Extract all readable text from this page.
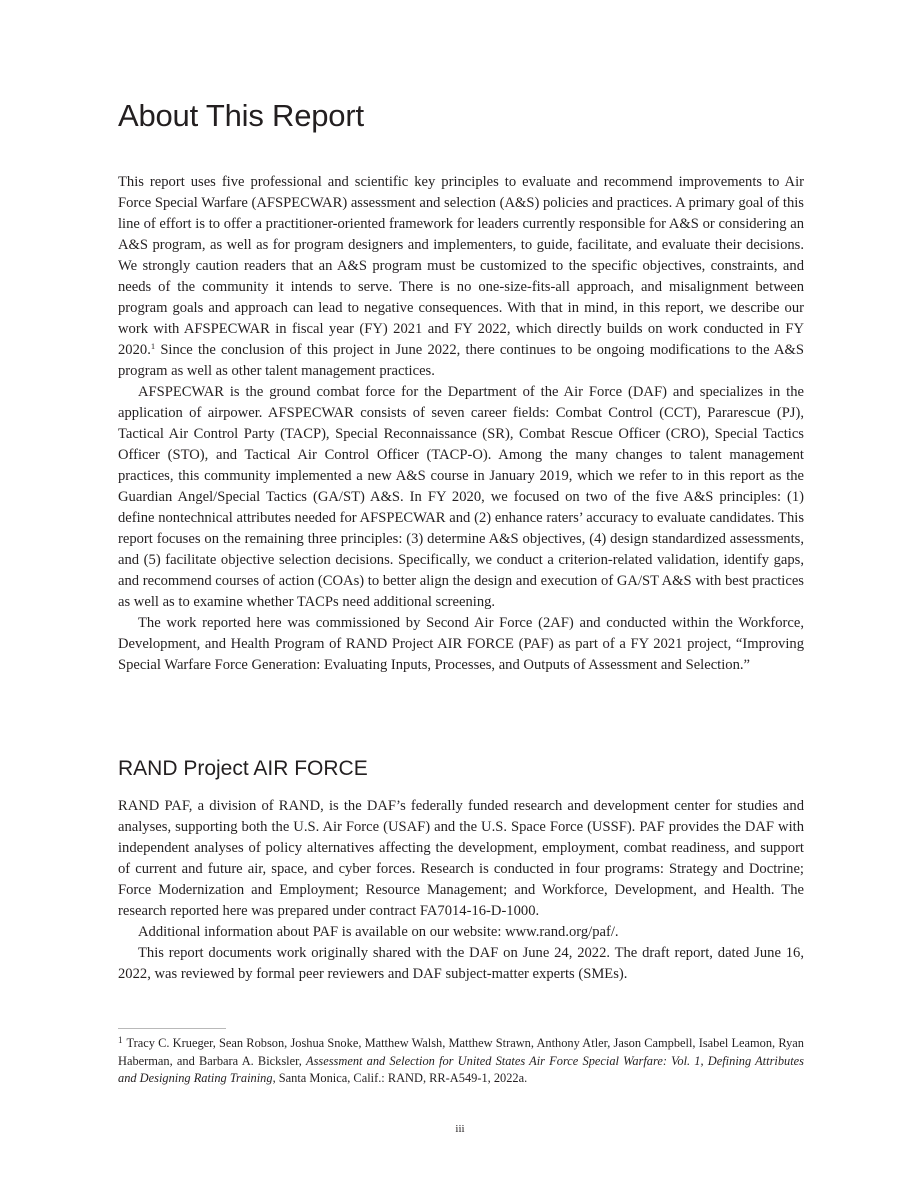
About This Report

This report uses five professional and scientific key principles to evaluate and recommend improvements to Air Force Special Warfare (AFSPECWAR) assessment and selection (A&S) policies and practices. A primary goal of this line of effort is to offer a practitioner-oriented framework for leaders currently responsible for A&S or considering an A&S program, as well as for program designers and implementers, to guide, facilitate, and evaluate their decisions. We strongly caution readers that an A&S program must be customized to the specific objectives, constraints, and needs of the community it intends to serve. There is no one-size-fits-all approach, and misalignment between program goals and approach can lead to negative consequences. With that in mind, in this report, we describe our work with AFSPECWAR in fiscal year (FY) 2021 and FY 2022, which directly builds on work conducted in FY 2020.$^1$ Since the conclusion of this project in June 2022, there continues to be ongoing modifications to the A&S program as well as other talent management practices.

AFSPECWAR is the ground combat force for the Department of the Air Force (DAF) and specializes in the application of airpower. AFSPECWAR consists of seven career fields: Combat Control (CCT), Pararescue (PJ), Tactical Air Control Party (TACP), Special Reconnaissance (SR), Combat Rescue Officer (CRO), Special Tactics Officer (STO), and Tactical Air Control Officer (TACP-O). Among the many changes to talent management practices, this community implemented a new A&S course in January 2019, which we refer to in this report as the Guardian Angel/Special Tactics (GA/ST) A&S. In FY 2020, we focused on two of the five A&S principles: (1) define nontechnical attributes needed for AFSPECWAR and (2) enhance raters’ accuracy to evaluate candidates. This report focuses on the remaining three principles: (3) determine A&S objectives, (4) design standardized assessments, and (5) facilitate objective selection decisions. Specifically, we conduct a criterion-related validation, identify gaps, and recommend courses of action (COAs) to better align the design and execution of GA/ST A&S with best practices as well as to examine whether TACPs need additional screening.

The work reported here was commissioned by Second Air Force (2AF) and conducted within the Workforce, Development, and Health Program of RAND Project AIR FORCE (PAF) as part of a FY 2021 project, “Improving Special Warfare Force Generation: Evaluating Inputs, Processes, and Outputs of Assessment and Selection.”

RAND Project AIR FORCE

RAND PAF, a division of RAND, is the DAF’s federally funded research and development center for studies and analyses, supporting both the U.S. Air Force (USAF) and the U.S. Space Force (USSF). PAF provides the DAF with independent analyses of policy alternatives affecting the development, employment, combat readiness, and support of current and future air, space, and cyber forces. Research is conducted in four programs: Strategy and Doctrine; Force Modernization and Employment; Resource Management; and Workforce, Development, and Health. The research reported here was prepared under contract FA7014-16-D-1000.

Additional information about PAF is available on our website: www.rand.org/paf/.

This report documents work originally shared with the DAF on June 24, 2022. The draft report, dated June 16, 2022, was reviewed by formal peer reviewers and DAF subject-matter experts (SMEs).

$^1$ Tracy C. Krueger, Sean Robson, Joshua Snoke, Matthew Walsh, Matthew Strawn, Anthony Atler, Jason Campbell, Isabel Leamon, Ryan Haberman, and Barbara A. Bicksler, Assessment and Selection for United States Air Force Special Warfare: Vol. 1, Defining Attributes and Designing Rating Training, Santa Monica, Calif.: RAND, RR-A549-1, 2022a.
iii
